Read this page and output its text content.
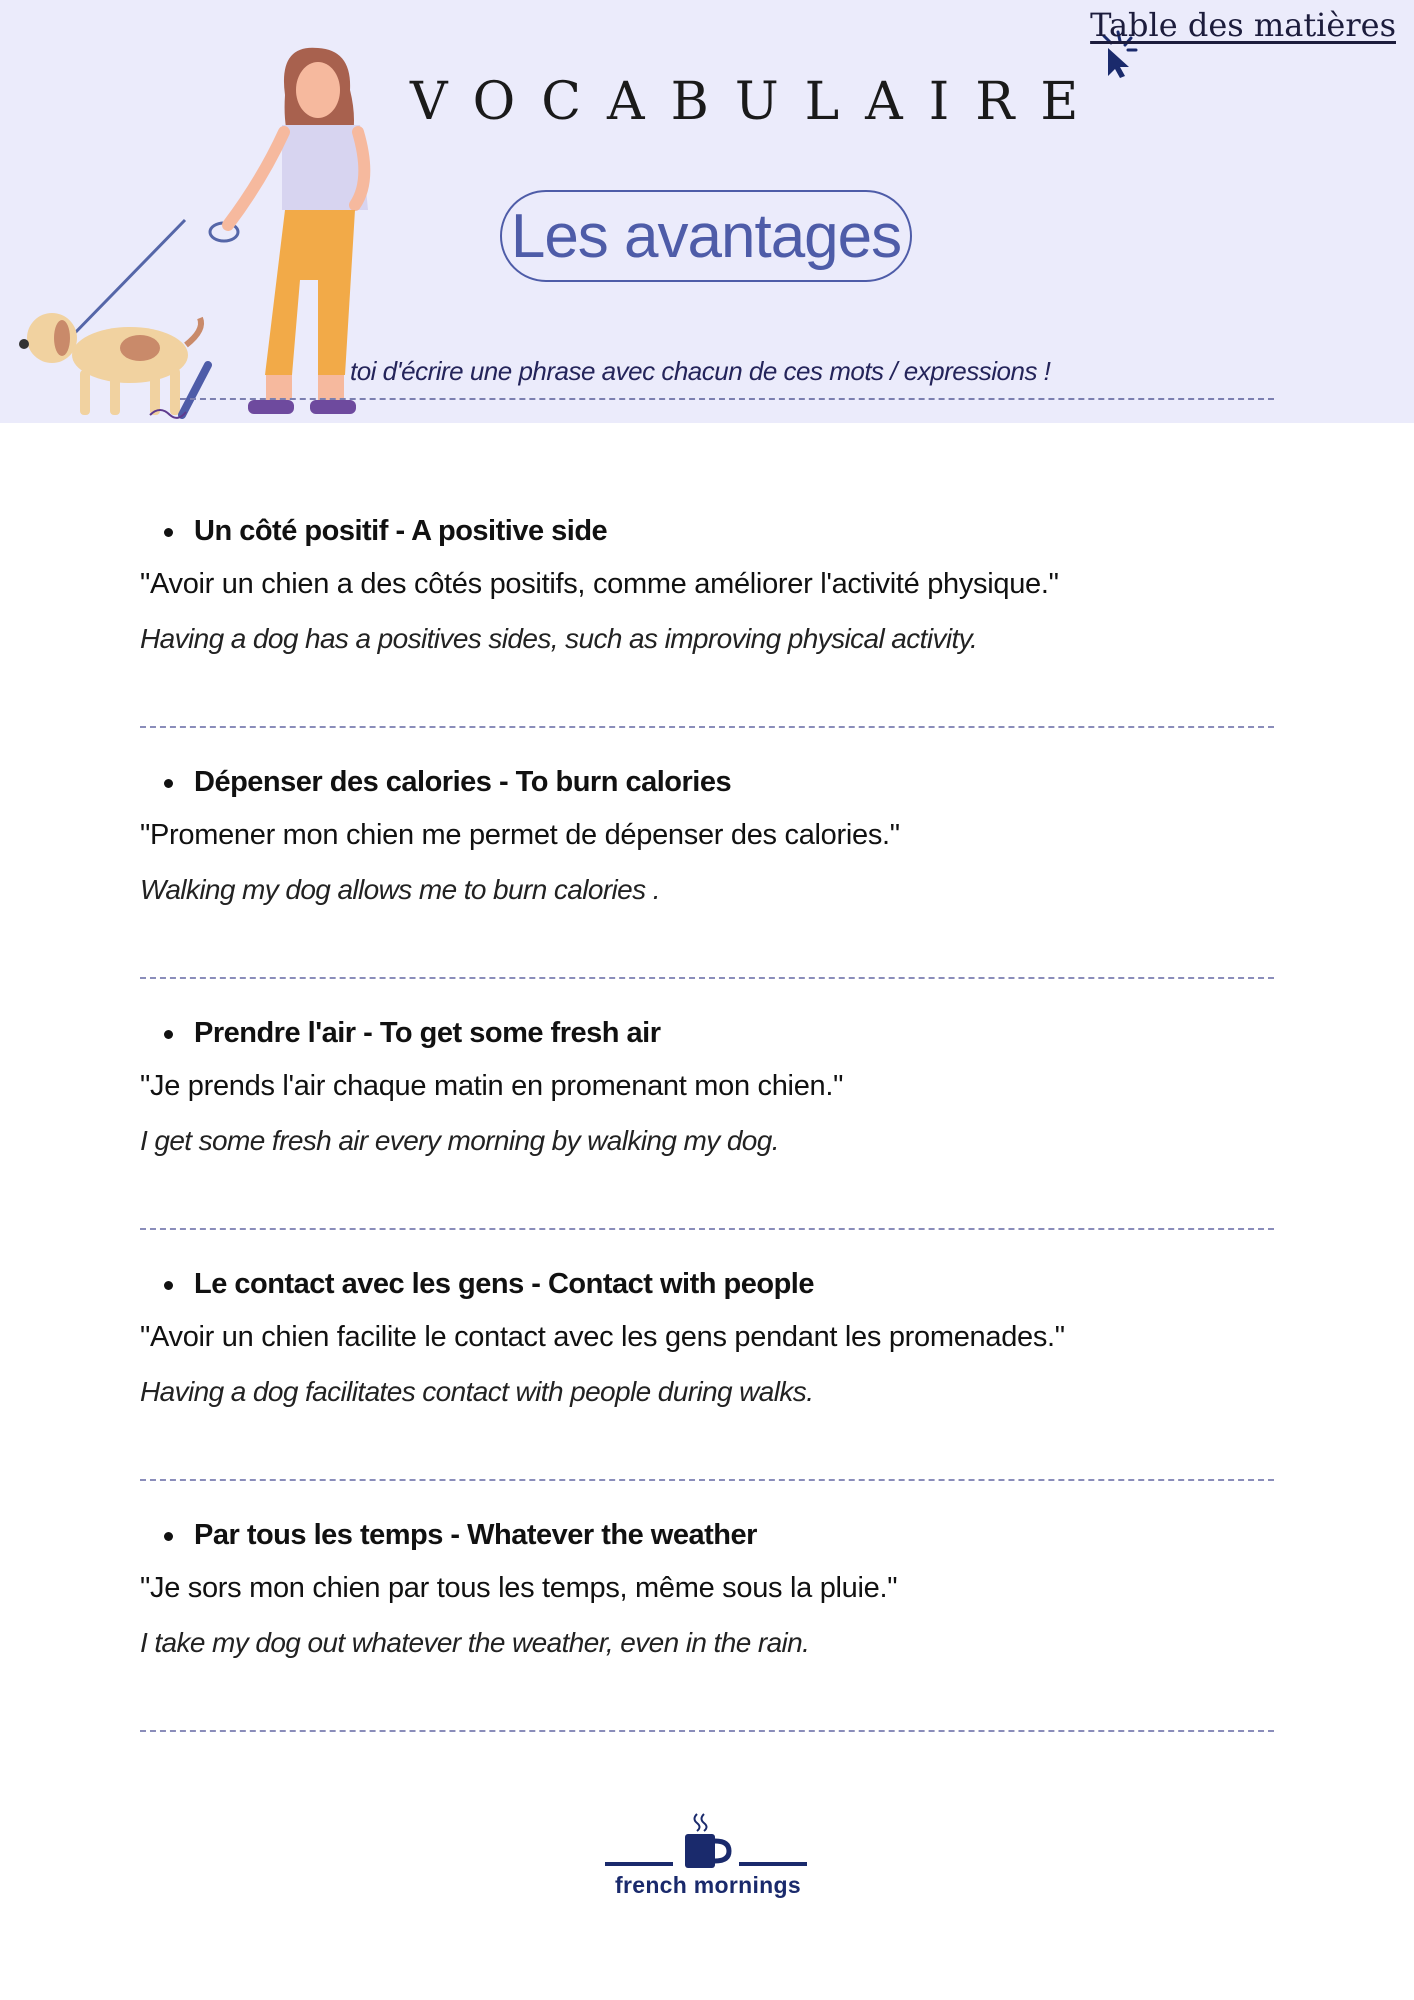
Table des matières
VOCABULAIRE
Les avantages
toi d'écrire une phrase avec chacun de ces mots / expressions !
Un côté positif - A positive side
"Avoir un chien a des côtés positifs, comme améliorer l'activité physique."
Having a dog has a positives sides, such as improving physical activity.
Dépenser des calories - To burn calories
"Promener mon chien me permet de dépenser des calories."
Walking my dog allows me to burn calories .
Prendre l'air - To get some fresh air
"Je prends l'air chaque matin en promenant mon chien."
I get some fresh air every morning by walking my dog.
Le contact avec les gens - Contact with people
"Avoir un chien facilite le contact avec les gens pendant les promenades."
Having a dog facilitates contact with people during walks.
Par tous les temps - Whatever the weather
"Je sors mon chien par tous les temps, même sous la pluie."
I take my dog out whatever the weather, even in the rain.
french mornings
